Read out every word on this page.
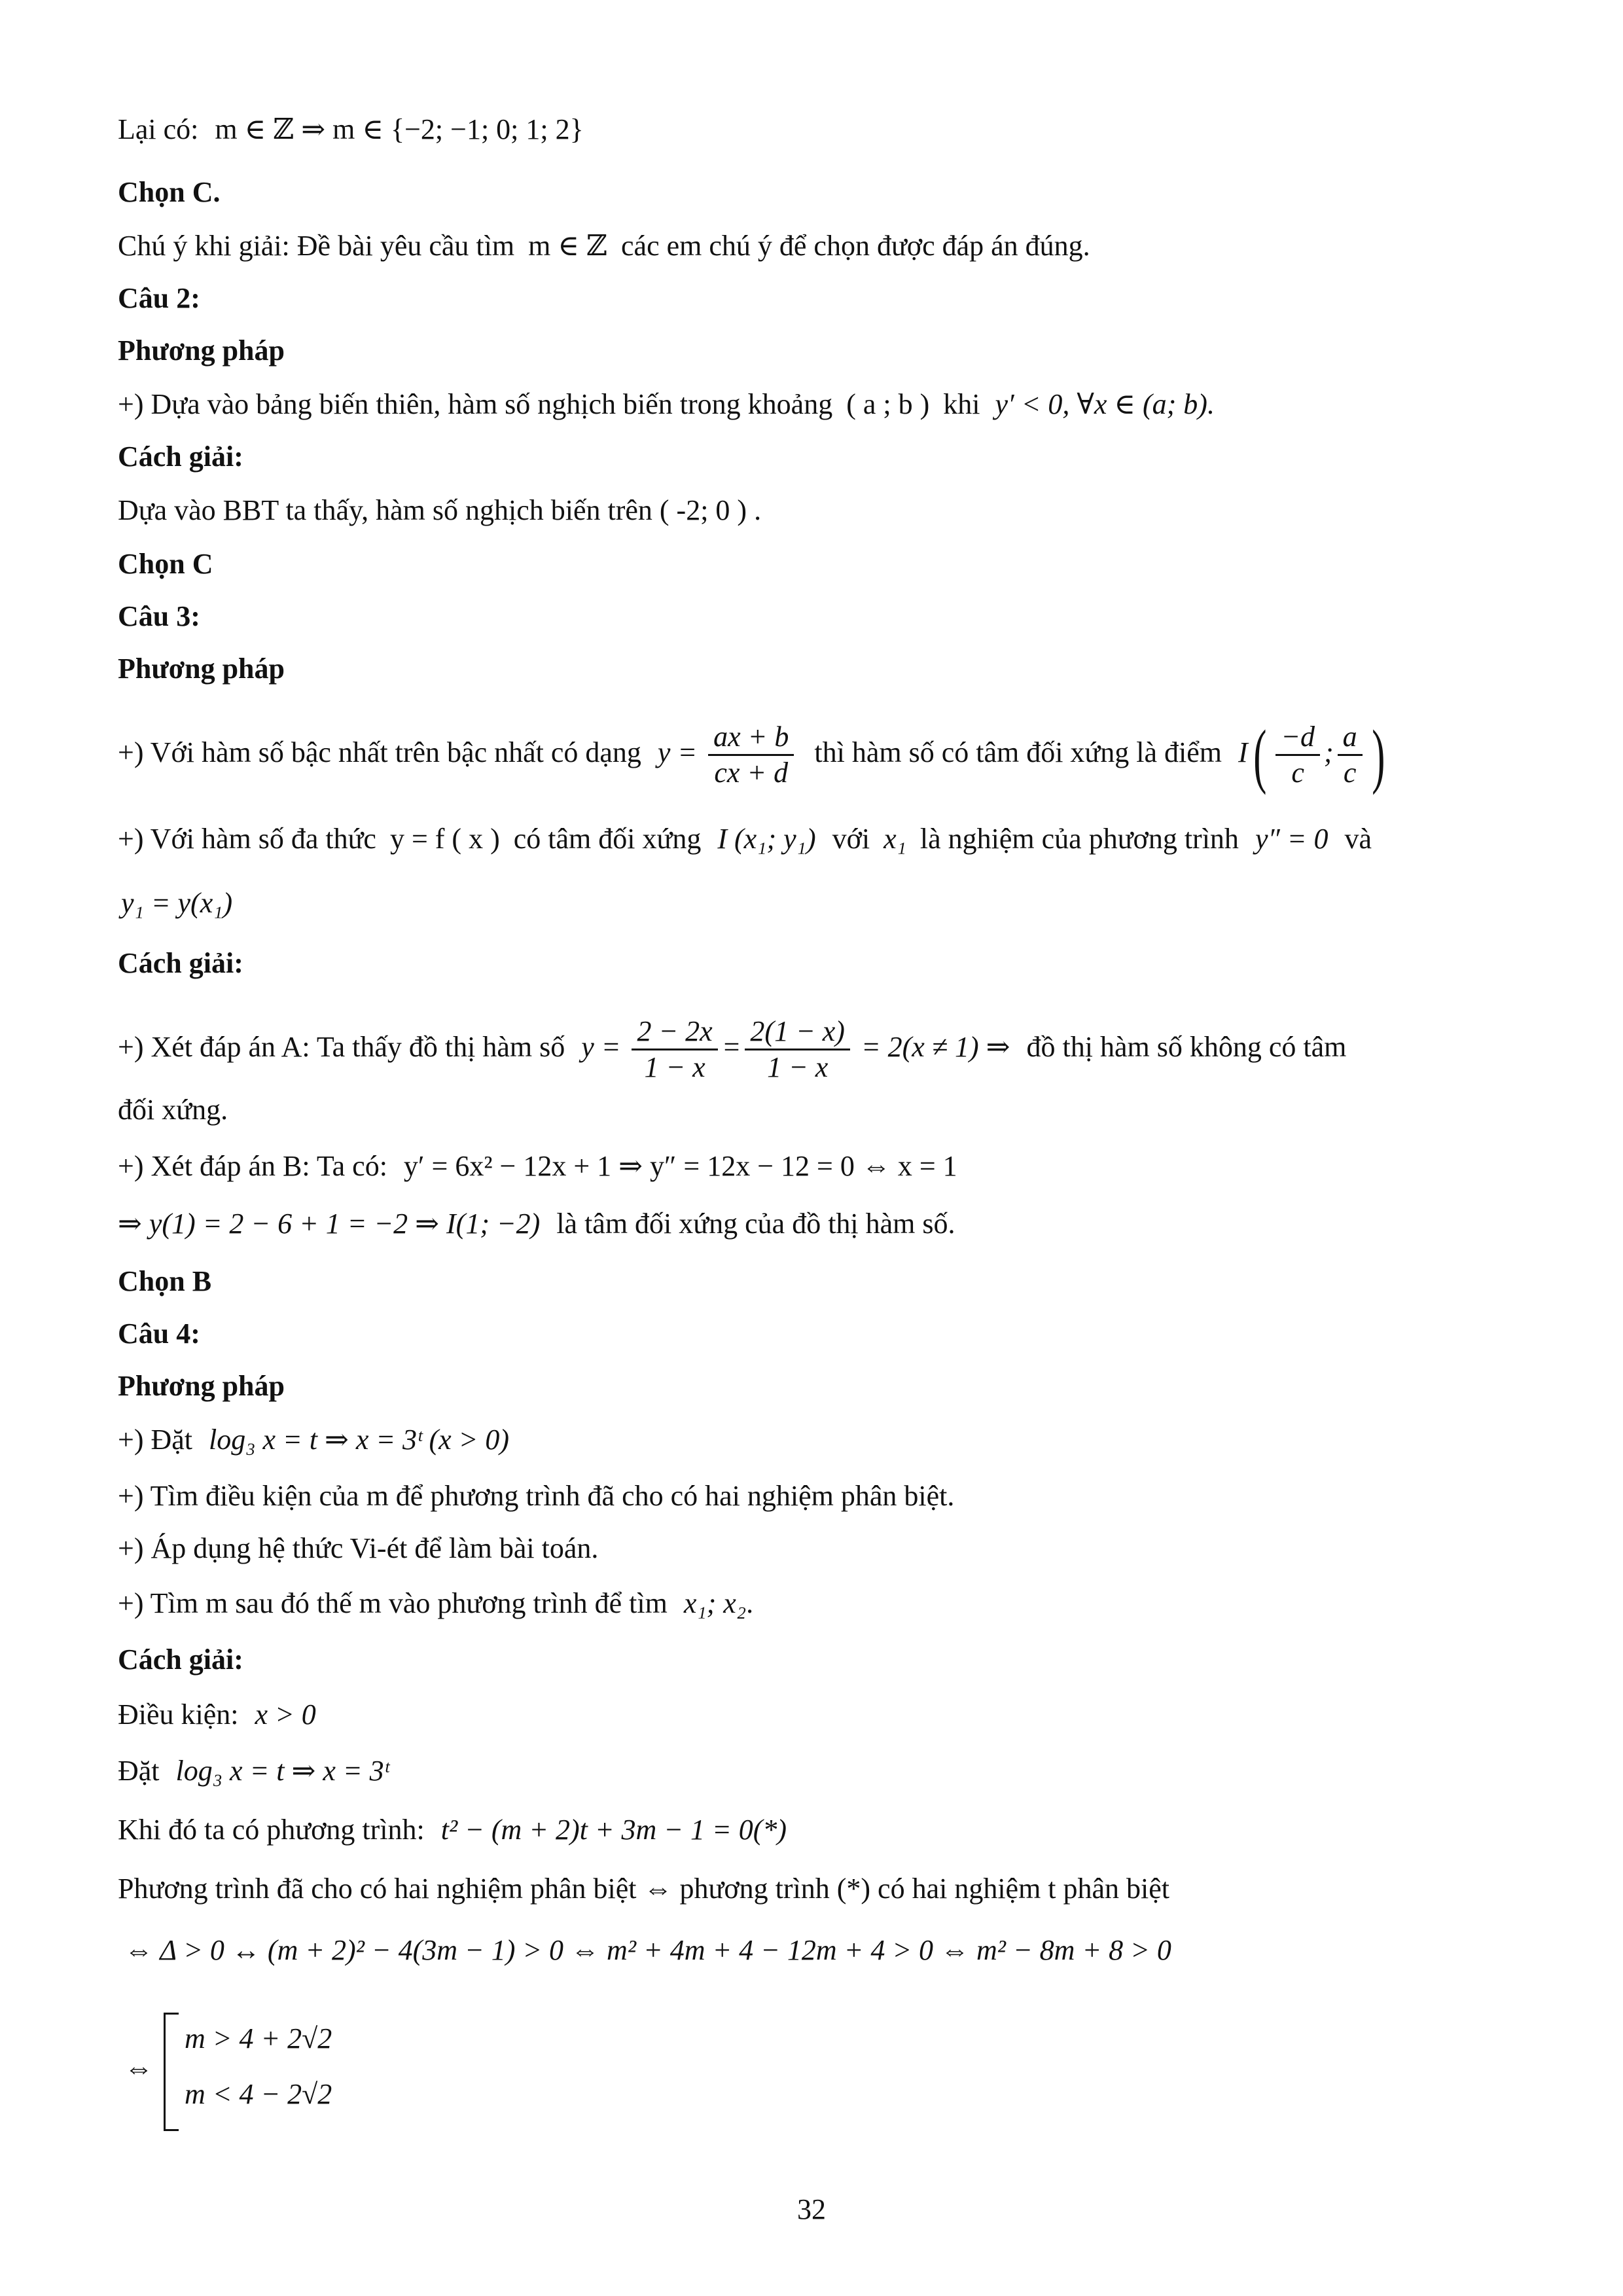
Lại có: m ∈ ℤ ⇒ m ∈ {−2; −1; 0; 1; 2}
Chọn C.
Chú ý khi giải: Đề bài yêu cầu tìm m ∈ ℤ các em chú ý để chọn được đáp án đúng.
Câu 2:
Phương pháp
+) Dựa vào bảng biến thiên, hàm số nghịch biến trong khoảng ( a ; b ) khi y′ < 0, ∀x ∈ (a; b).
Cách giải:
Dựa vào BBT ta thấy, hàm số nghịch biến trên ( -2; 0 ) .
Chọn C
Câu 3:
Phương pháp
+) Với hàm số bậc nhất trên bậc nhất có dạng $y = \frac{ax + b}{cx + d}$ thì hàm số có tâm đối xứng là điểm $I( \frac{-d}{c}$ ; $\frac{a}{c}$ )
+) Với hàm số đa thức y = f ( x ) có tâm đối xứng I (x₁; y₁) với x₁ là nghiệm của phương trình y″ = 0 và
y₁ = y(x₁)
Cách giải:
+) Xét đáp án A: Ta thấy đồ thị hàm số $y = \frac{2 - 2x}{1 - x} = \frac{2(1 - x)}{1 - x} = 2(x \ne 1)$ ⇒ đồ thị hàm số không có tâm
đối xứng.
+) Xét đáp án B: Ta có: y′ = 6x² − 12x + 1 ⇒ y″ = 12x − 12 = 0 ⇔ x = 1
⇒ y(1) = 2 − 6 + 1 = −2 ⇒ I(1; −2) là tâm đối xứng của đồ thị hàm số.
Chọn B
Câu 4:
Phương pháp
+) Đặt log₃ x = t ⇒ x = 3ᵗ (x > 0)
+) Tìm điều kiện của m để phương trình đã cho có hai nghiệm phân biệt.
+) Áp dụng hệ thức Vi-ét để làm bài toán.
+) Tìm m sau đó thế m vào phương trình để tìm x₁; x₂.
Cách giải:
Điều kiện: x > 0
Đặt log₃ x = t ⇒ x = 3ᵗ
Khi đó ta có phương trình: t² − (m + 2)t + 3m − 1 = 0(*)
Phương trình đã cho có hai nghiệm phân biệt ⇔ phương trình (*) có hai nghiệm t phân biệt
⇔ Δ > 0 ↔ (m + 2)² − 4(3m − 1) > 0 ⇔ m² + 4m + 4 − 12m + 4 > 0 ⇔ m² − 8m + 8 > 0
⇔
m > 4 + 2√2
m < 4 − 2√2
32
